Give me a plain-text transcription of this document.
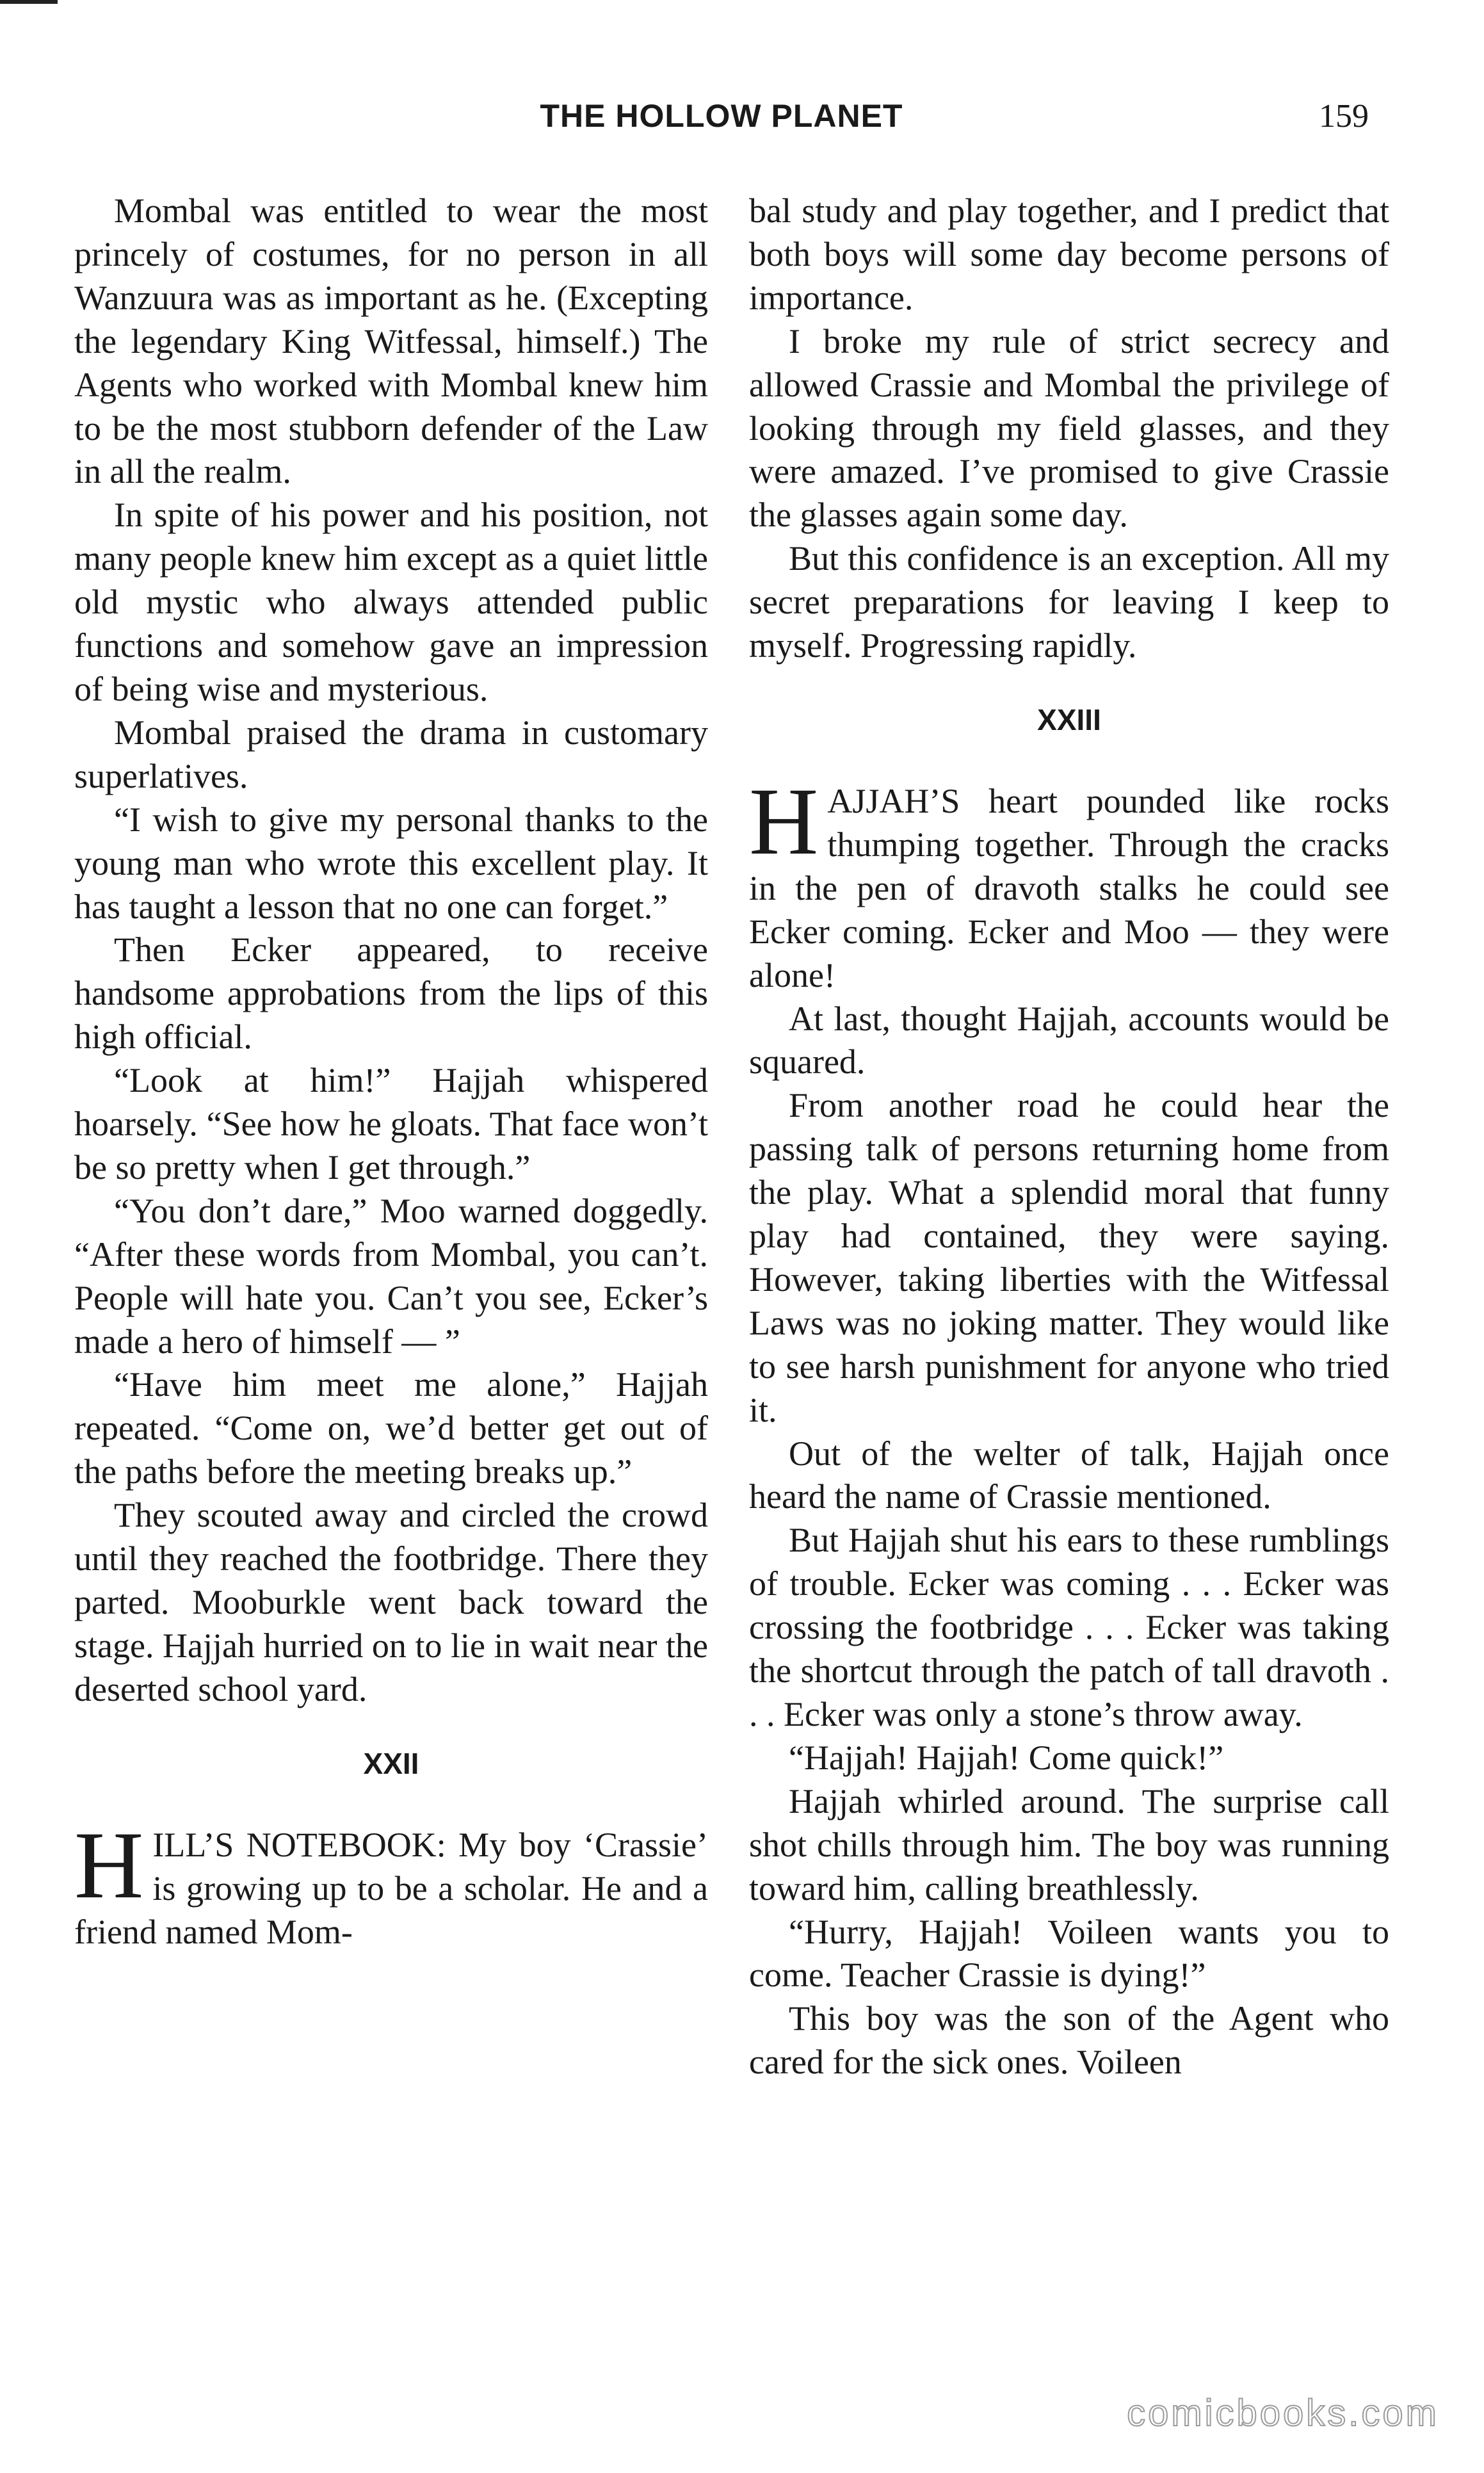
THE HOLLOW PLANET	159

Mombal was entitled to wear the most princely of costumes, for no person in all Wanzuura was as important as he. (Excepting the legendary King Witfessal, himself.) The Agents who worked with Mombal knew him to be the most stubborn defender of the Law in all the realm.

In spite of his power and his position, not many people knew him except as a quiet little old mystic who always attended public functions and somehow gave an impression of being wise and mysterious.

Mombal praised the drama in customary superlatives.

“I wish to give my personal thanks to the young man who wrote this excellent play. It has taught a lesson that no one can forget.”

Then Ecker appeared, to receive handsome approbations from the lips of this high official.

“Look at him!” Hajjah whispered hoarsely. “See how he gloats. That face won’t be so pretty when I get through.”

“You don’t dare,” Moo warned doggedly. “After these words from Mombal, you can’t. People will hate you. Can’t you see, Ecker’s made a hero of himself — ”

“Have him meet me alone,” Hajjah repeated. “Come on, we’d better get out of the paths before the meeting breaks up.”

They scouted away and circled the crowd until they reached the footbridge. There they parted. Mooburkle went back toward the stage. Hajjah hurried on to lie in wait near the deserted school yard.

XXII

HILL’S NOTEBOOK: My boy ‘Crassie’ is growing up to be a scholar. He and a friend named Mom-

bal study and play together, and I predict that both boys will some day become persons of importance.

I broke my rule of strict secrecy and allowed Crassie and Mombal the privilege of looking through my field glasses, and they were amazed. I’ve promised to give Crassie the glasses again some day.

But this confidence is an exception. All my secret preparations for leaving I keep to myself. Progressing rapidly.

XXIII

HAJJAH’S heart pounded like rocks thumping together. Through the cracks in the pen of dravoth stalks he could see Ecker coming. Ecker and Moo — they were alone!

At last, thought Hajjah, accounts would be squared.

From another road he could hear the passing talk of persons returning home from the play. What a splendid moral that funny play had contained, they were saying. However, taking liberties with the Witfessal Laws was no joking matter. They would like to see harsh punishment for anyone who tried it.

Out of the welter of talk, Hajjah once heard the name of Crassie mentioned.

But Hajjah shut his ears to these rumblings of trouble. Ecker was coming . . . Ecker was crossing the footbridge . . . Ecker was taking the shortcut through the patch of tall dravoth . . . Ecker was only a stone’s throw away.

“Hajjah! Hajjah! Come quick!”

Hajjah whirled around. The surprise call shot chills through him. The boy was running toward him, calling breathlessly.

“Hurry, Hajjah! Voileen wants you to come. Teacher Crassie is dying!”

This boy was the son of the Agent who cared for the sick ones. Voileen

comicbooks.com
